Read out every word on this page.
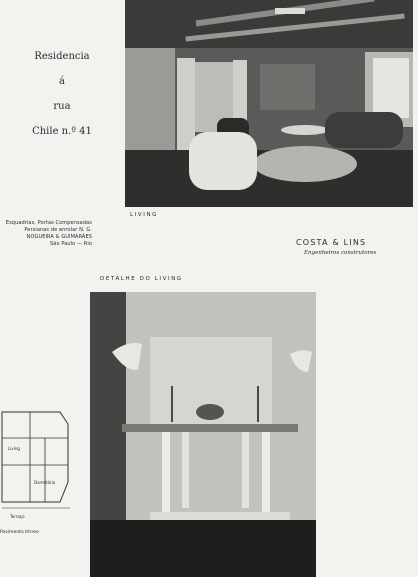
Residencia
á
rua
Chile n.º 41
LIVING
Esquadrias, Portas Compensadas
Persianas de enrolar N. G.
NOGUEIRA & GUIMARÃES
São Paulo — Rio	COSTA & LINS
Engenheiros construtores
DETALHE DO LIVING
Living
Terraço
Dormitório
Pavimento térreo
